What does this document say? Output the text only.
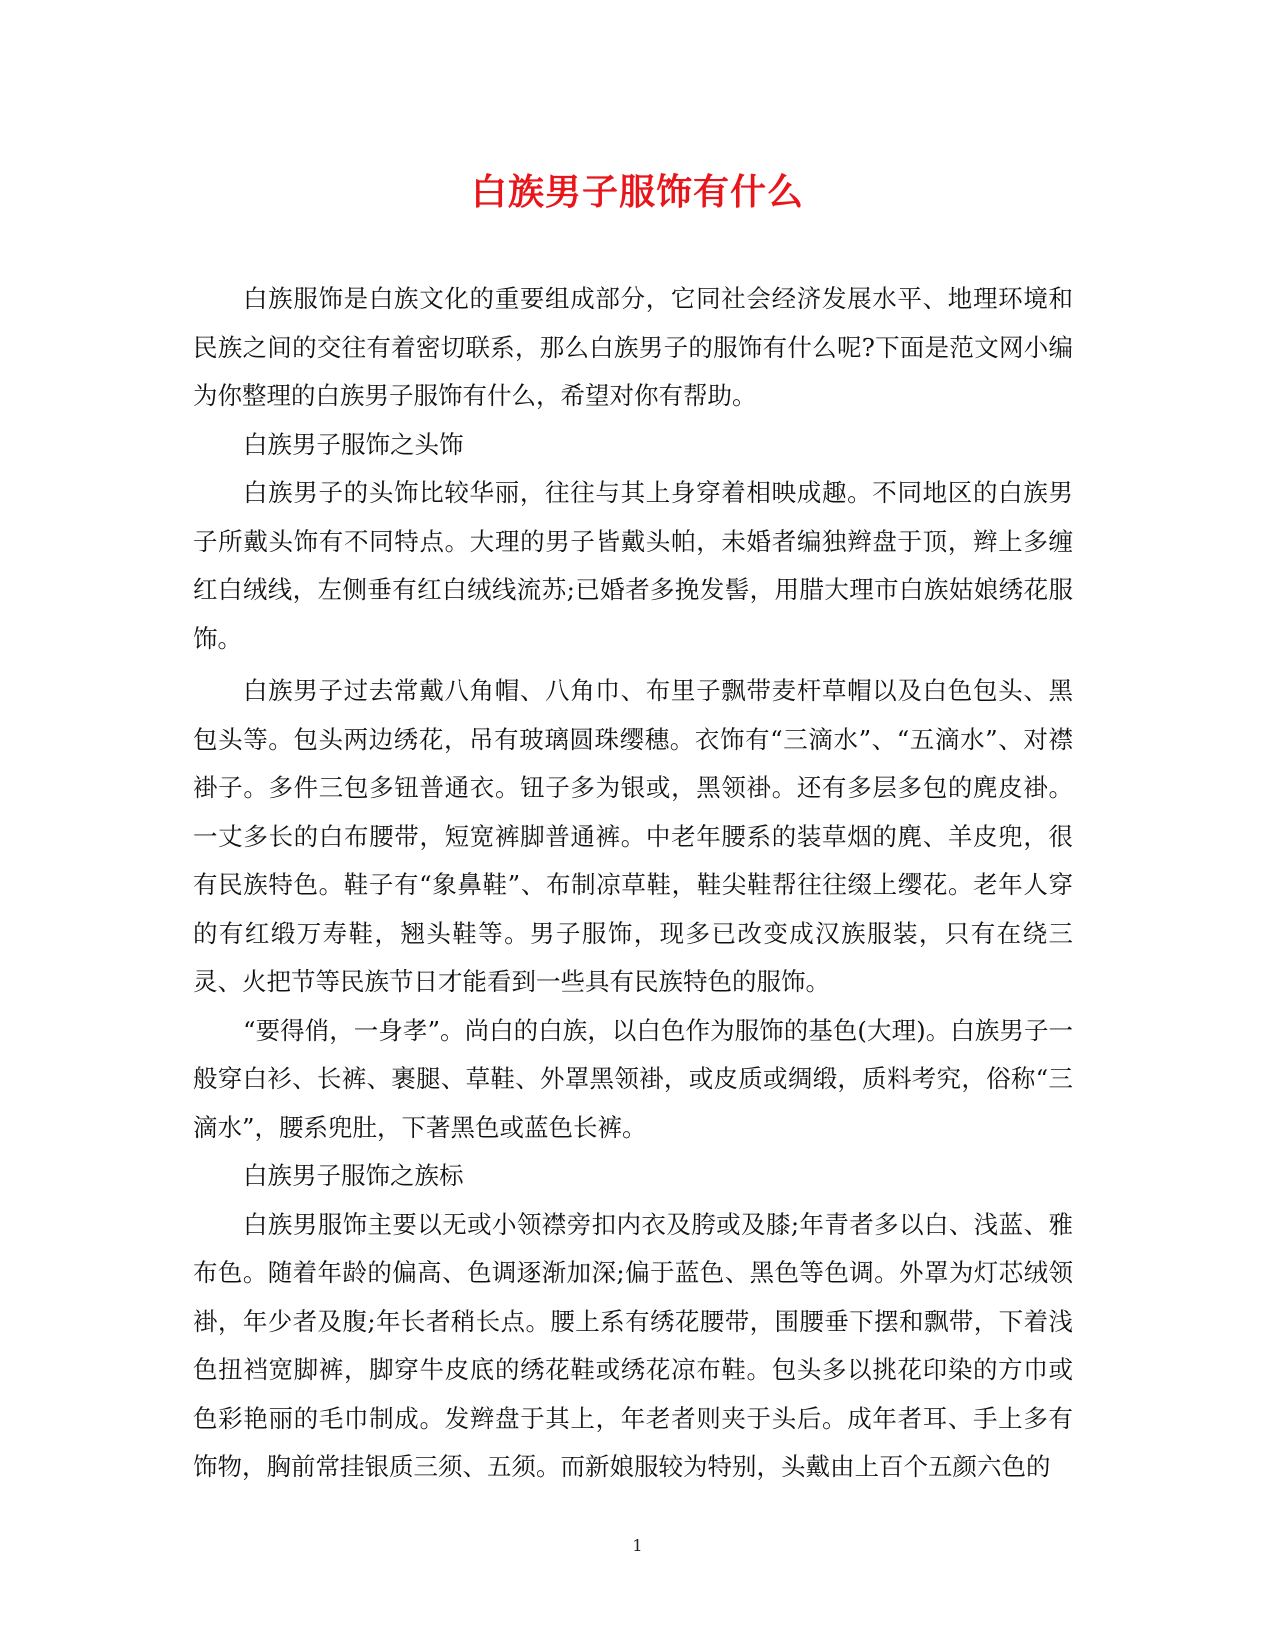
白族男子服饰有什么

白族服饰是白族文化的重要组成部分，它同社会经济发展水平、地理环境和民族之间的交往有着密切联系，那么白族男子的服饰有什么呢?下面是范文网小编为你整理的白族男子服饰有什么，希望对你有帮助。

白族男子服饰之头饰

白族男子的头饰比较华丽，往往与其上身穿着相映成趣。不同地区的白族男子所戴头饰有不同特点。大理的男子皆戴头帕，未婚者编独辫盘于顶，辫上多缠红白绒线，左侧垂有红白绒线流苏;已婚者多挽发髻，用腊大理市白族姑娘绣花服饰。

白族男子过去常戴八角帽、八角巾、布里子飘带麦杆草帽以及白色包头、黑包头等。包头两边绣花，吊有玻璃圆珠缨穗。衣饰有“三滴水”、“五滴水”、对襟褂子。多件三包多钮普通衣。钮子多为银或，黑领褂。还有多层多包的麂皮褂。一丈多长的白布腰带，短宽裤脚普通裤。中老年腰系的装草烟的麂、羊皮兜，很有民族特色。鞋子有“象鼻鞋”、布制凉草鞋，鞋尖鞋帮往往缀上缨花。老年人穿的有红缎万寿鞋，翘头鞋等。男子服饰，现多已改变成汉族服装，只有在绕三灵、火把节等民族节日才能看到一些具有民族特色的服饰。

“要得俏，一身孝”。尚白的白族，以白色作为服饰的基色(大理)。白族男子一般穿白衫、长裤、裹腿、草鞋、外罩黑领褂，或皮质或绸缎，质料考究，俗称“三滴水”，腰系兜肚，下著黑色或蓝色长裤。

白族男子服饰之族标

白族男服饰主要以无或小领襟旁扣内衣及胯或及膝;年青者多以白、浅蓝、雅布色。随着年龄的偏高、色调逐渐加深;偏于蓝色、黑色等色调。外罩为灯芯绒领褂，年少者及腹;年长者稍长点。腰上系有绣花腰带，围腰垂下摆和飘带，下着浅色扭裆宽脚裤，脚穿牛皮底的绣花鞋或绣花凉布鞋。包头多以挑花印染的方巾或色彩艳丽的毛巾制成。发辫盘于其上，年老者则夹于头后。成年者耳、手上多有饰物，胸前常挂银质三须、五须。而新娘服较为特别，头戴由上百个五颜六色的

1
